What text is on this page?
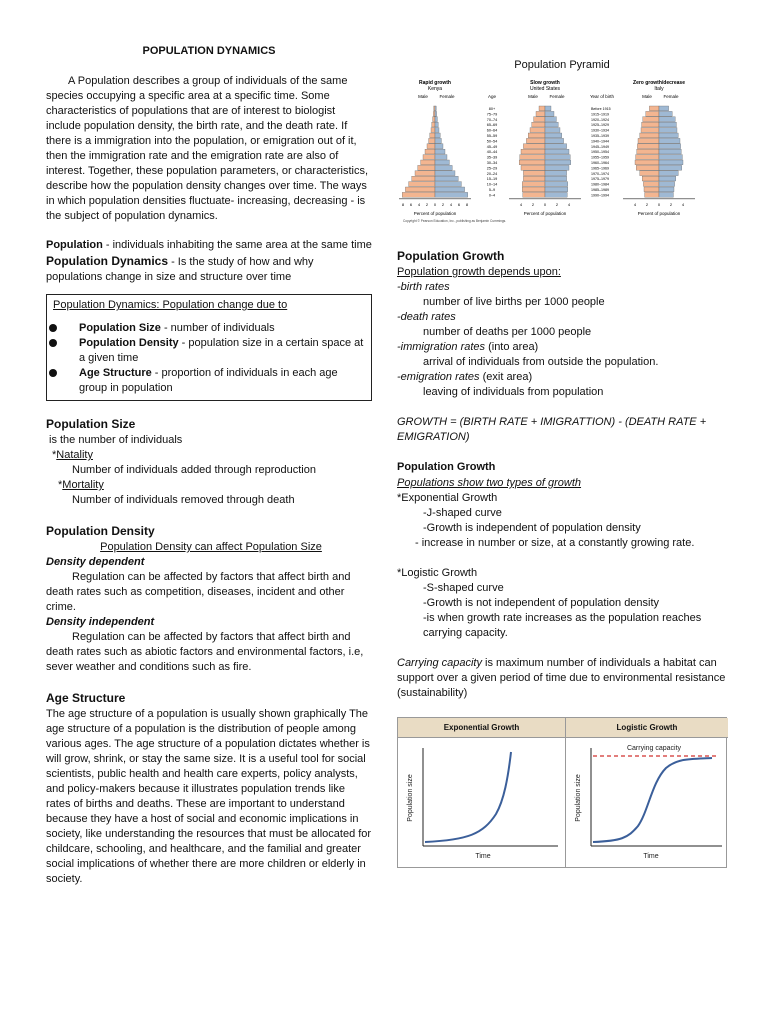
POPULATION DYNAMICS

A Population describes a group of individuals of the same species occupying a specific area at a specific time. Some characteristics of populations that are of interest to biologist include population density, the birth rate, and the death rate. If there is a immigration into the population, or emigration out of it, then the immigration rate and the emigration rate are also of interest. Together, these population parameters, or characteristics, describe how the population density changes over time. The ways in which population densities fluctuate- increasing, decreasing - is the subject of population dynamics.

Population - individuals inhabiting the same area at the same time

Population Dynamics - Is the study of how and why populations change in size and structure over time

Population Dynamics: Population change due to
Population Size - number of individuals
Population Density - population size in a certain space at a given time
Age Structure - proportion of individuals in each age group in population
Population Size

is the number of individuals

*Natality

Number of individuals added through reproduction

*Mortality

Number of individuals removed through death

Population Density

Population Density can affect Population Size

Density dependent

Regulation can be affected by factors that affect birth and death rates such as competition, diseases, incident and other crime.

Density independent

Regulation can be affected by factors that affect birth and death rates such as abiotic factors and environmental factors, i.e, sever weather and conditions such as fire.

Age Structure

The age structure of a population is usually shown graphically The age structure of a population is the distribution of people among various ages. The age structure of a population dictates whether is will grow, shrink, or stay the same size. It is a useful tool for social scientists, public health and health care experts, policy analysts, and policy-makers because it illustrates population trends like rates of births and deaths. These are important to understand because they have a host of social and economic implications in society, like understanding the resources that must be allocated for childcare, schooling, and healthcare, and the familial and greater social implications of whether there are more children or elderly in society.

Population Pyramid
Rapid growth
Kenya
Male	Female
Percent of population
Slow growth
United States
Male	Female
Percent of population
Zero growth/decrease
Italy
Male	Female
Percent of population
8 6 4 2 0 2 4 6 8	4 2 0 2 4	4 2 0 2 4
Age
80+
75–79
70–74
65–69
60–64
55–59
50–54
45–49
40–44
35–39
30–34
25–29
20–24
15–19
10–14
5–9
0–4
Year of birth
Before 1915
1915–1919
1920–1924
1925–1929
1930–1934
1935–1939
1940–1944
1945–1949
1950–1954
1955–1959
1960–1964
1965–1969
1970–1974
1975–1979
1980–1984
1985–1989
1990–1994
Copyright © Pearson Education, Inc., publishing as Benjamin Cummings.
Population Growth

Population growth depends upon:

-birth rates

number of live births per 1000 people

-death rates

number of deaths per 1000 people

-immigration rates (into area)

arrival of individuals from outside the population.

-emigration rates (exit area)

leaving of individuals from population

GROWTH = (BIRTH RATE + IMIGRATTION) - (DEATH RATE + EMIGRATION)

Population Growth

Populations show two types of growth

*Exponential Growth

-J-shaped curve

-Growth is independent of population density

- increase in number or size, at a constantly growing rate.

*Logistic Growth

-S-shaped curve

-Growth is not independent of population density

-is when growth rate increases as the population reaches carrying capacity.

Carrying capacity is maximum number of individuals a habitat can support over a given period of time due to environmental resistance (sustainability)

Exponential Growth
Time
Population size
Logistic Growth
Carrying capacity
Time
Population size
